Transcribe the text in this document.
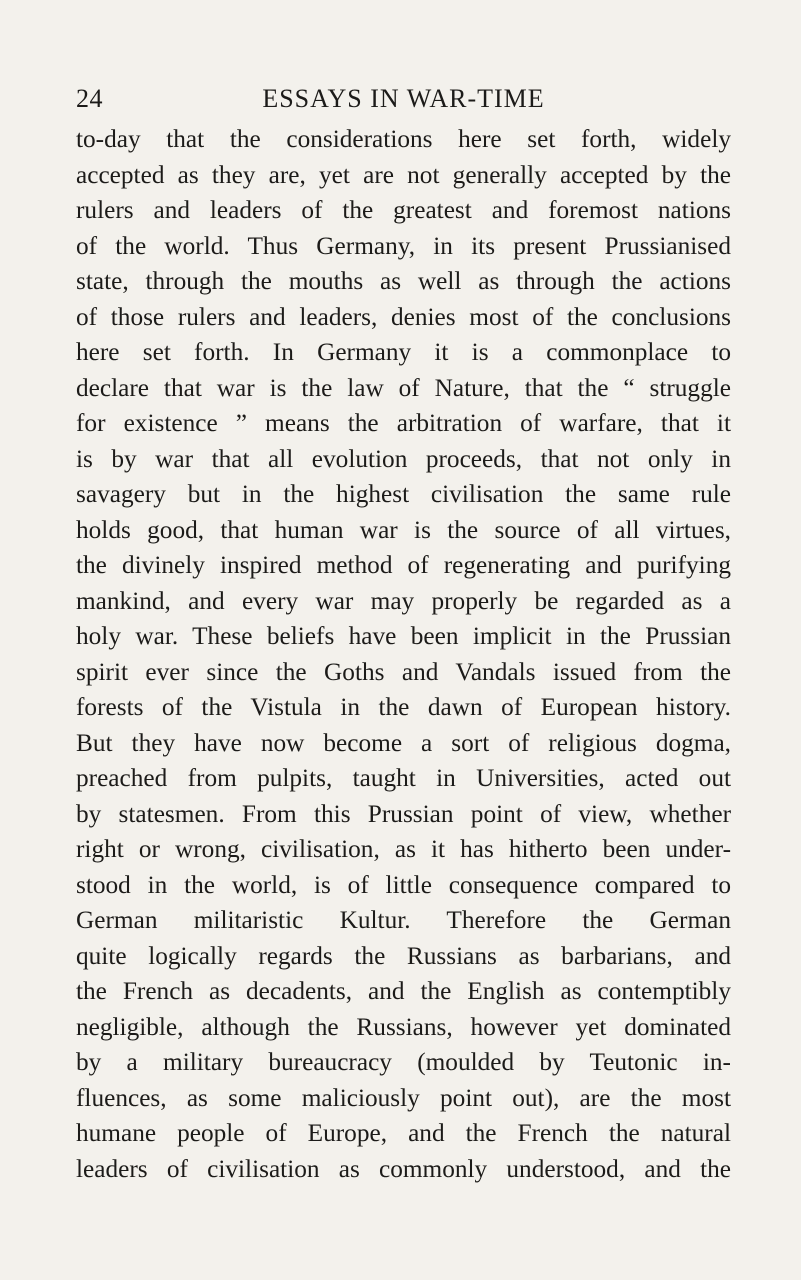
24	ESSAYS IN WAR-TIME
to-day that the considerations here set forth, widely
accepted as they are, yet are not generally accepted by the
rulers and leaders of the greatest and foremost nations
of the world. Thus Germany, in its present Prussianised
state, through the mouths as well as through the actions
of those rulers and leaders, denies most of the conclusions
here set forth. In Germany it is a commonplace to
declare that war is the law of Nature, that the “ struggle
for existence ” means the arbitration of warfare, that it
is by war that all evolution proceeds, that not only in
savagery but in the highest civilisation the same rule
holds good, that human war is the source of all virtues,
the divinely inspired method of regenerating and purifying
mankind, and every war may properly be regarded as a
holy war. These beliefs have been implicit in the Prussian
spirit ever since the Goths and Vandals issued from the
forests of the Vistula in the dawn of European history.
But they have now become a sort of religious dogma,
preached from pulpits, taught in Universities, acted out
by statesmen. From this Prussian point of view, whether
right or wrong, civilisation, as it has hitherto been under-
stood in the world, is of little consequence compared to
German militaristic Kultur. Therefore the German
quite logically regards the Russians as barbarians, and
the French as decadents, and the English as contemptibly
negligible, although the Russians, however yet dominated
by a military bureaucracy (moulded by Teutonic in-
fluences, as some maliciously point out), are the most
humane people of Europe, and the French the natural
leaders of civilisation as commonly understood, and the
